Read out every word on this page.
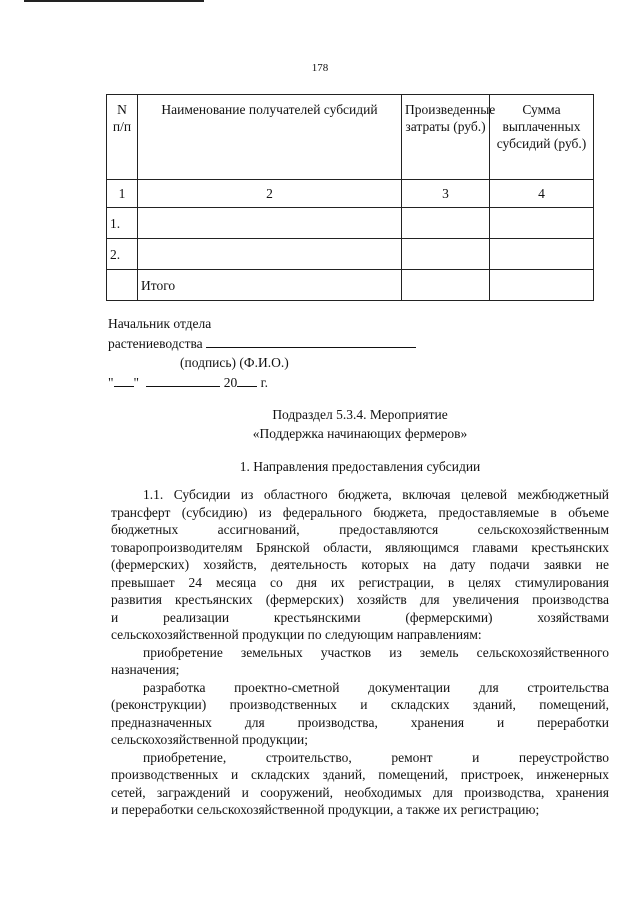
178
N п/п	Наименование получателей субсидий	Произведенные затраты (руб.)	Сумма выплаченных субсидий (руб.)
1	2	3	4
1.			
2.			
	Итого		
Начальник отдела
растениеводства
(подпись) (Ф.И.О.)
" "	20 г.
Подраздел 5.3.4. Мероприятие
«Поддержка начинающих фермеров»
1. Направления предоставления субсидии

1.1. Субсидии из областного бюджета, включая целевой межбюджетный

трансферт (субсидию) из федерального бюджета, предоставляемые в объеме

бюджетных ассигнований, предоставляются сельскохозяйственным

товаропроизводителям Брянской области, являющимся главами крестьянских

(фермерских) хозяйств, деятельность которых на дату подачи заявки не

превышает 24 месяца со дня их регистрации, в целях стимулирования

развития крестьянских (фермерских) хозяйств для увеличения производства

и реализации крестьянскими (фермерскими) хозяйствами

сельскохозяйственной продукции по следующим направлениям:

приобретение земельных участков из земель сельскохозяйственного

назначения;

разработка проектно-сметной документации для строительства

(реконструкции) производственных и складских зданий, помещений,

предназначенных для производства, хранения и переработки

сельскохозяйственной продукции;

приобретение, строительство, ремонт и переустройство

производственных и складских зданий, помещений, пристроек, инженерных

сетей, заграждений и сооружений, необходимых для производства, хранения

и переработки сельскохозяйственной продукции, а также их регистрацию;
